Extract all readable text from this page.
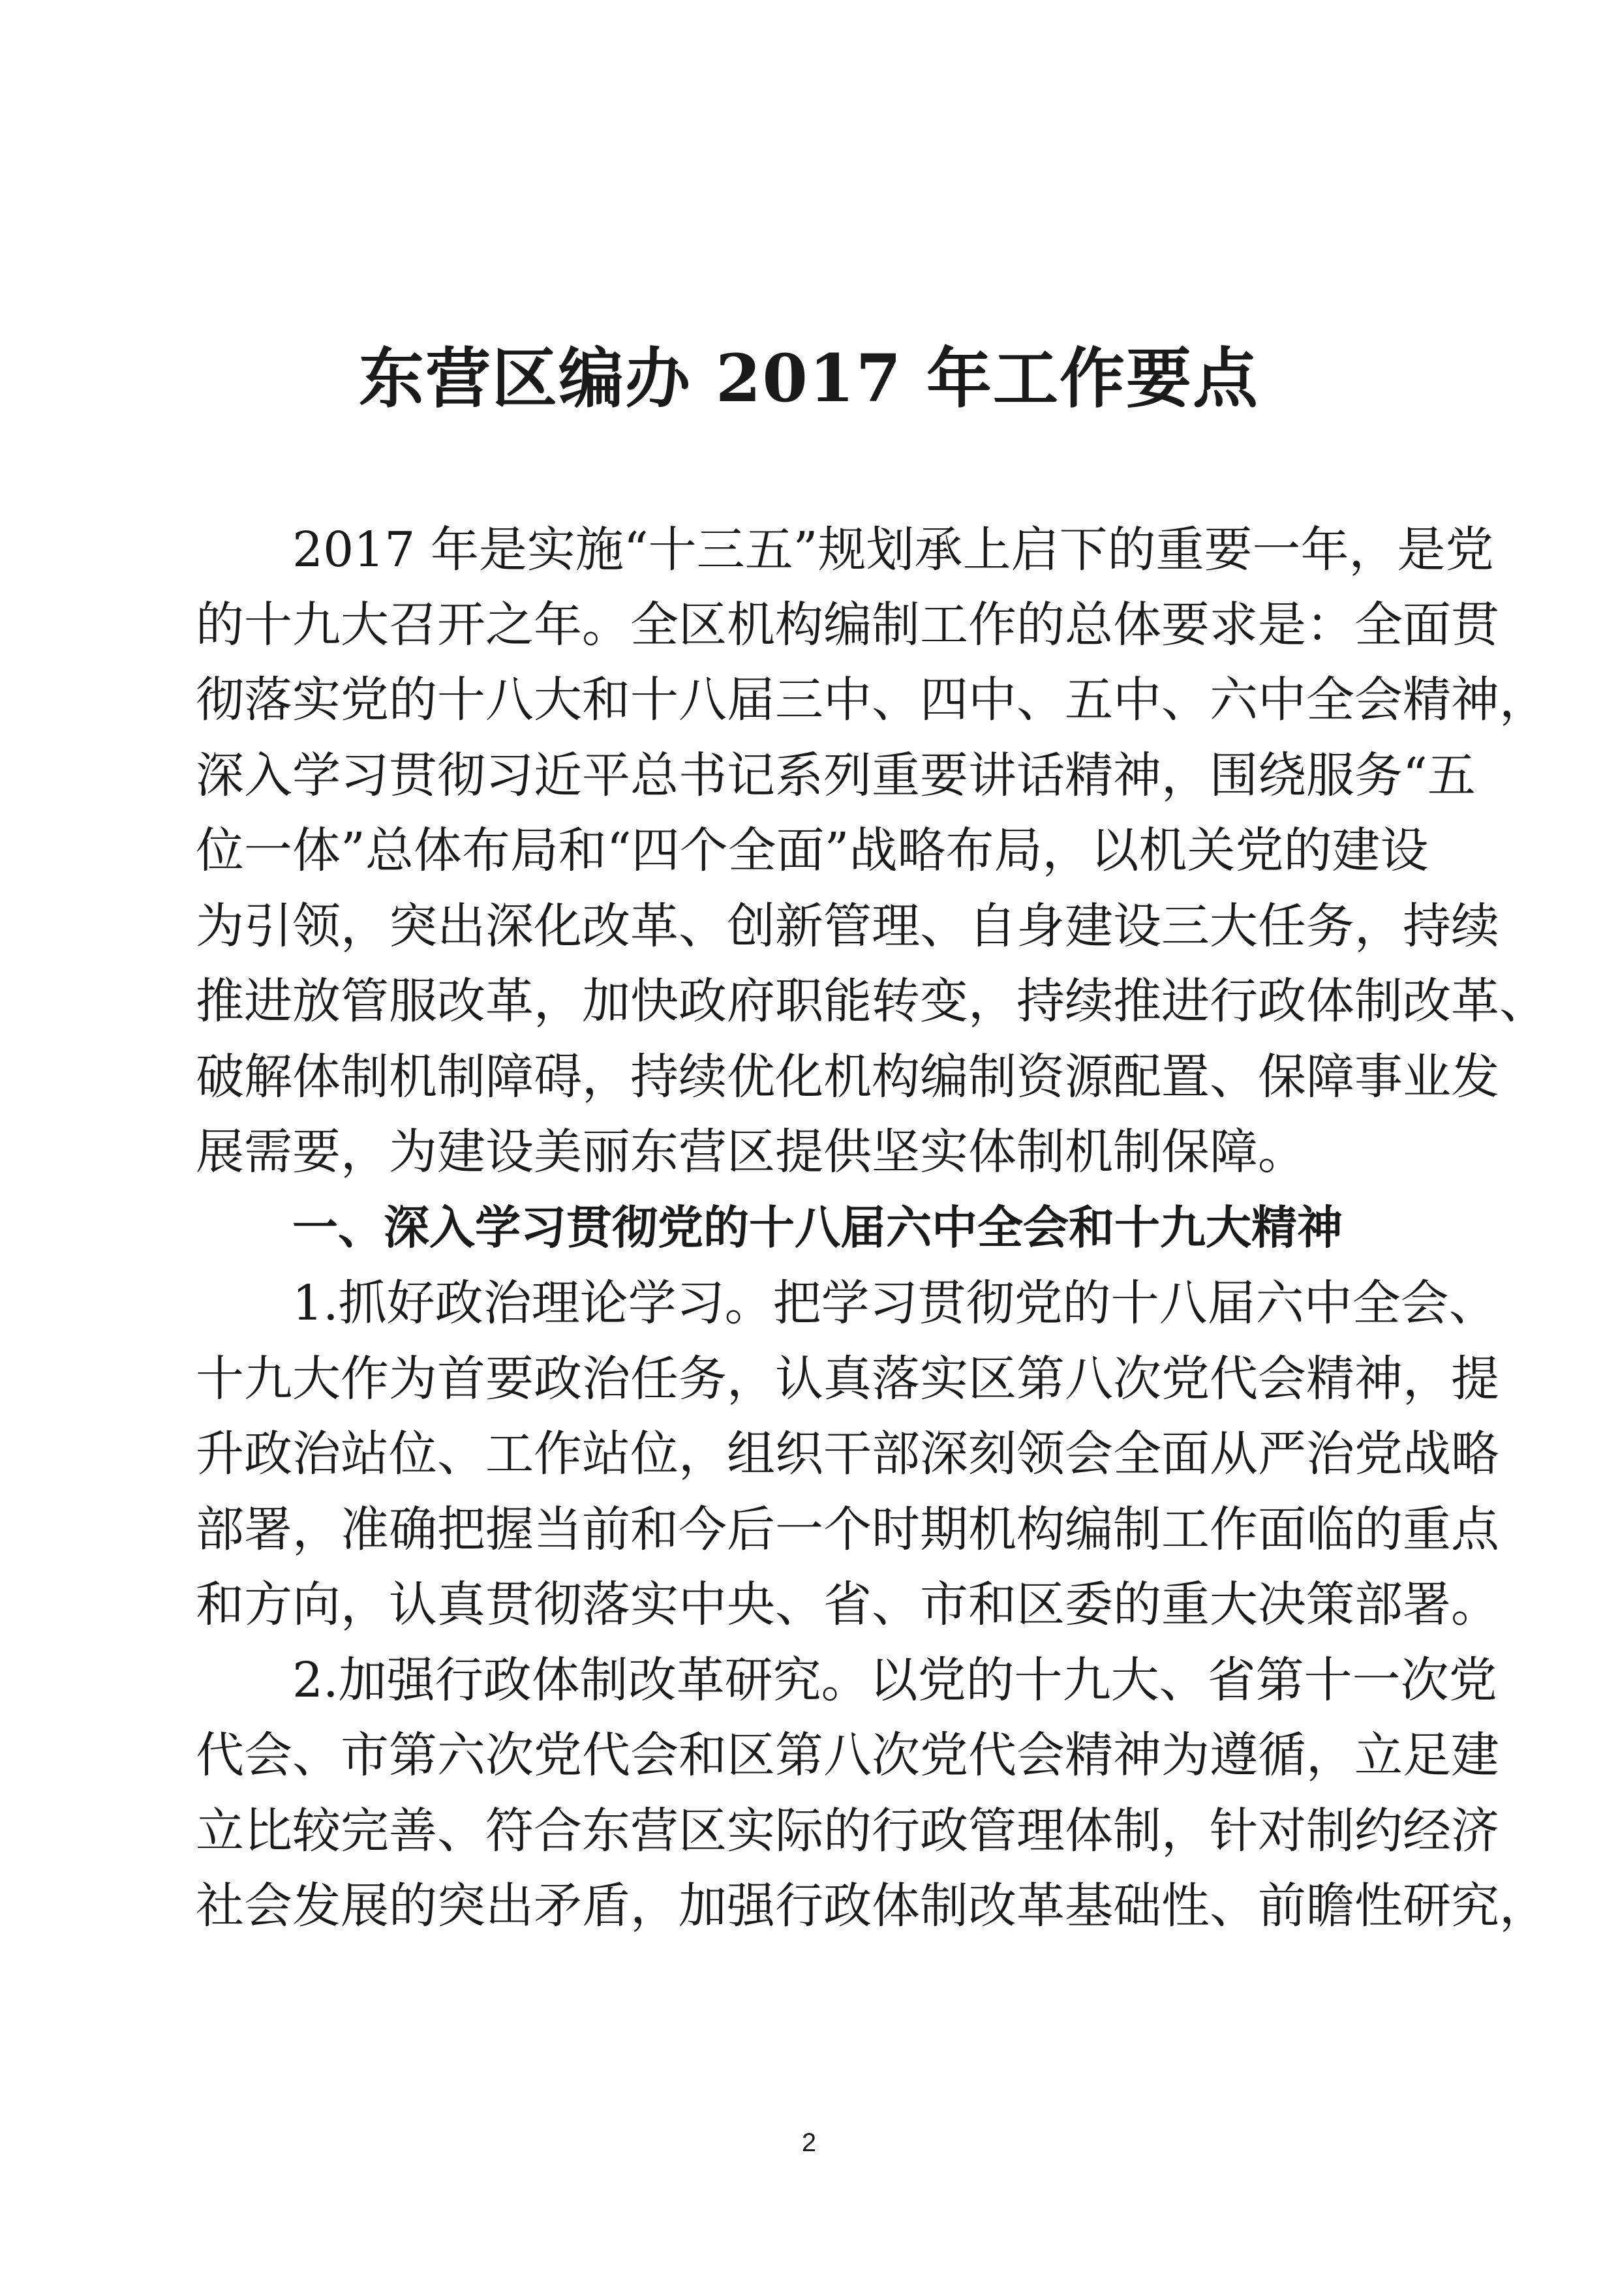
东营区编办 2017 年工作要点
2017 年是实施“十三五”规划承上启下的重要一年，是党
的十九大召开之年。全区机构编制工作的总体要求是：全面贯
彻落实党的十八大和十八届三中、四中、五中、六中全会精神，
深入学习贯彻习近平总书记系列重要讲话精神，围绕服务“五
位一体”总体布局和“四个全面”战略布局，以机关党的建设
为引领，突出深化改革、创新管理、自身建设三大任务，持续
推进放管服改革，加快政府职能转变，持续推进行政体制改革、
破解体制机制障碍，持续优化机构编制资源配置、保障事业发
展需要，为建设美丽东营区提供坚实体制机制保障。
一、深入学习贯彻党的十八届六中全会和十九大精神
1.抓好政治理论学习。把学习贯彻党的十八届六中全会、
十九大作为首要政治任务，认真落实区第八次党代会精神，提
升政治站位、工作站位，组织干部深刻领会全面从严治党战略
部署，准确把握当前和今后一个时期机构编制工作面临的重点
和方向，认真贯彻落实中央、省、市和区委的重大决策部署。
2.加强行政体制改革研究。以党的十九大、省第十一次党
代会、市第六次党代会和区第八次党代会精神为遵循，立足建
立比较完善、符合东营区实际的行政管理体制，针对制约经济
社会发展的突出矛盾，加强行政体制改革基础性、前瞻性研究，
2
